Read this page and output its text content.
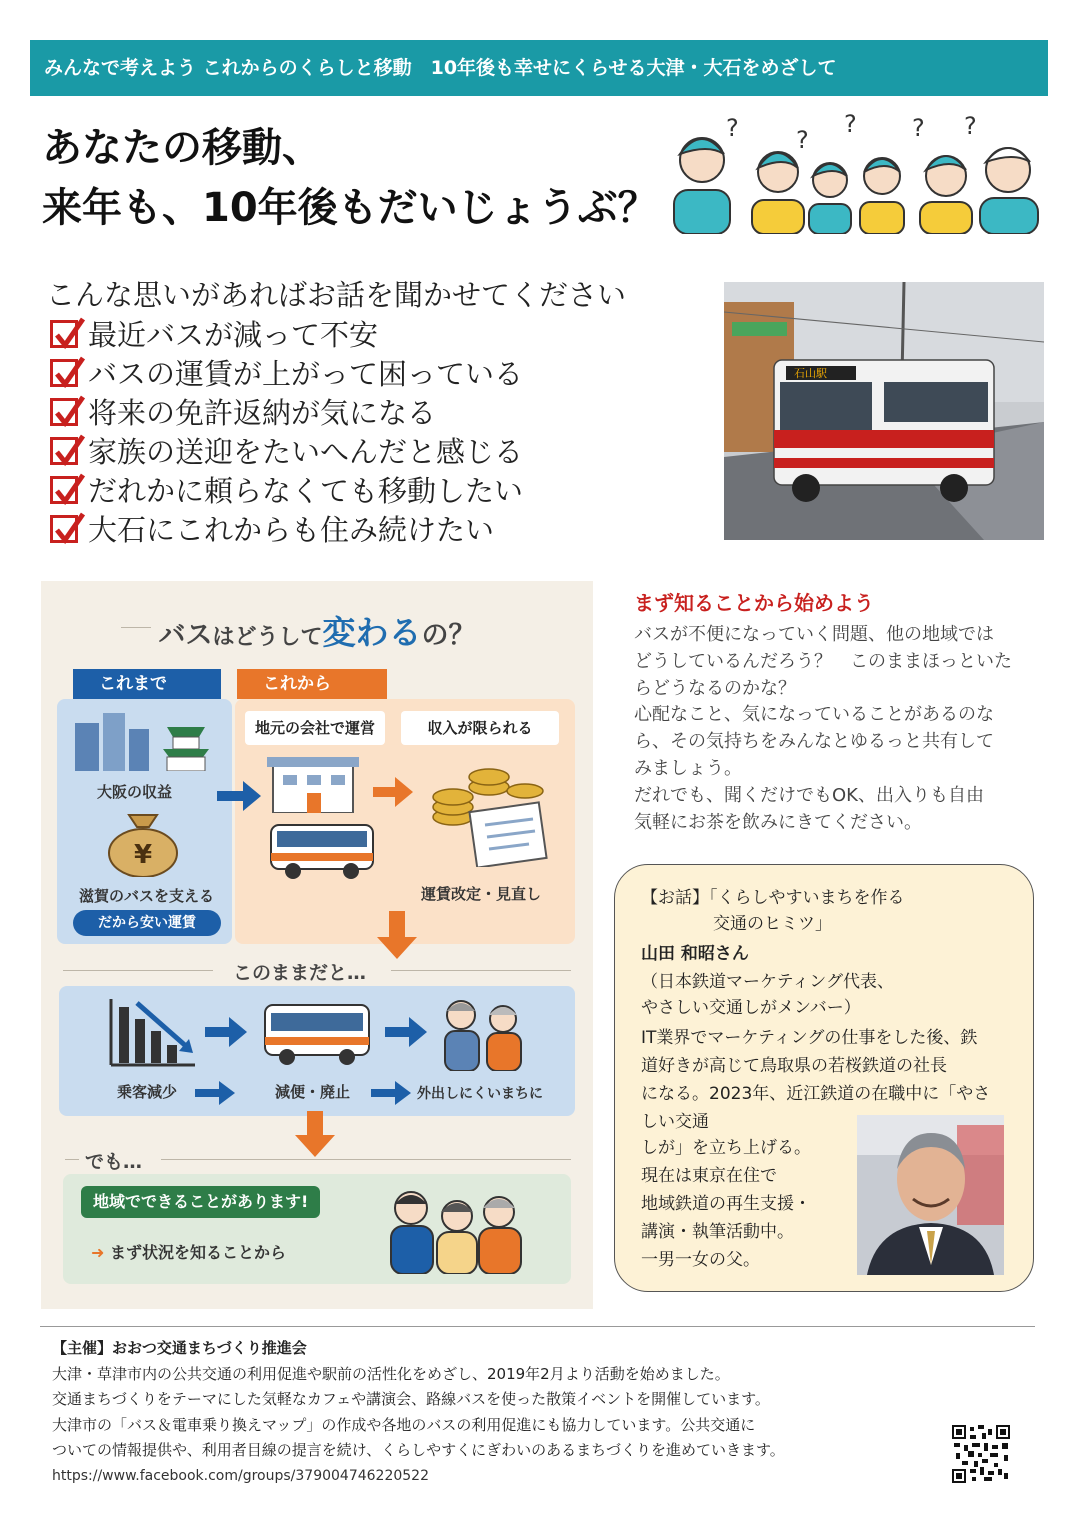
みんなで考えよう これからのくらしと移動　10年後も幸せにくらせる大津・大石をめざして
あなたの移動、
来年も、10年後もだいじょうぶ？
? ?
? ? ?
こんな思いがあればお話を聞かせてください
最近バスが減って不安
バスの運賃が上がって困っている
将来の免許返納が気になる
家族の送迎をたいへんだと感じる
だれかに頼らなくても移動したい
大石にこれからも住み続けたい
石山駅
バスはどうして変わるの？
これまで	これから
大阪の収益
¥
滋賀のバスを支える
だから安い運賃
地元の会社で運営	収入が限られる
運賃改定・見直し
このままだと…
乗客減少	減便・廃止	外出しにくいまちに
でも…
地域でできることがあります!
➜ まず状況を知ることから
まず知ることから始めよう
バスが不便になっていく問題、他の地域では
どうしているんだろう？　このままほっといた
らどうなるのかな？
心配なこと、気になっていることがあるのな
ら、その気持ちをみんなとゆるっと共有して
みましょう。
だれでも、聞くだけでもOK、出入りも自由
気軽にお茶を飲みにきてください。
【お話】「くらしやすいまちを作る
交通のヒミツ」
山田 和昭さん
（日本鉄道マーケティング代表、
やさしい交通しがメンバー）
IT業界でマーケティングの仕事をした後、鉄
道好きが高じて鳥取県の若桜鉄道の社長
になる。2023年、近江鉄道の在職中に「やさ
しい交通
しが」を立ち上げる。
現在は東京在住で
地域鉄道の再生支援・
講演・執筆活動中。
一男一女の父。
【主催】おおつ交通まちづくり推進会
大津・草津市内の公共交通の利用促進や駅前の活性化をめざし、2019年2月より活動を始めました。
交通まちづくりをテーマにした気軽なカフェや講演会、路線バスを使った散策イベントを開催しています。
大津市の「バス＆電車乗り換えマップ」の作成や各地のバスの利用促進にも協力しています。公共交通に
ついての情報提供や、利用者目線の提言を続け、くらしやすくにぎわいのあるまちづくりを進めていきます。
https://www.facebook.com/groups/379004746220522
